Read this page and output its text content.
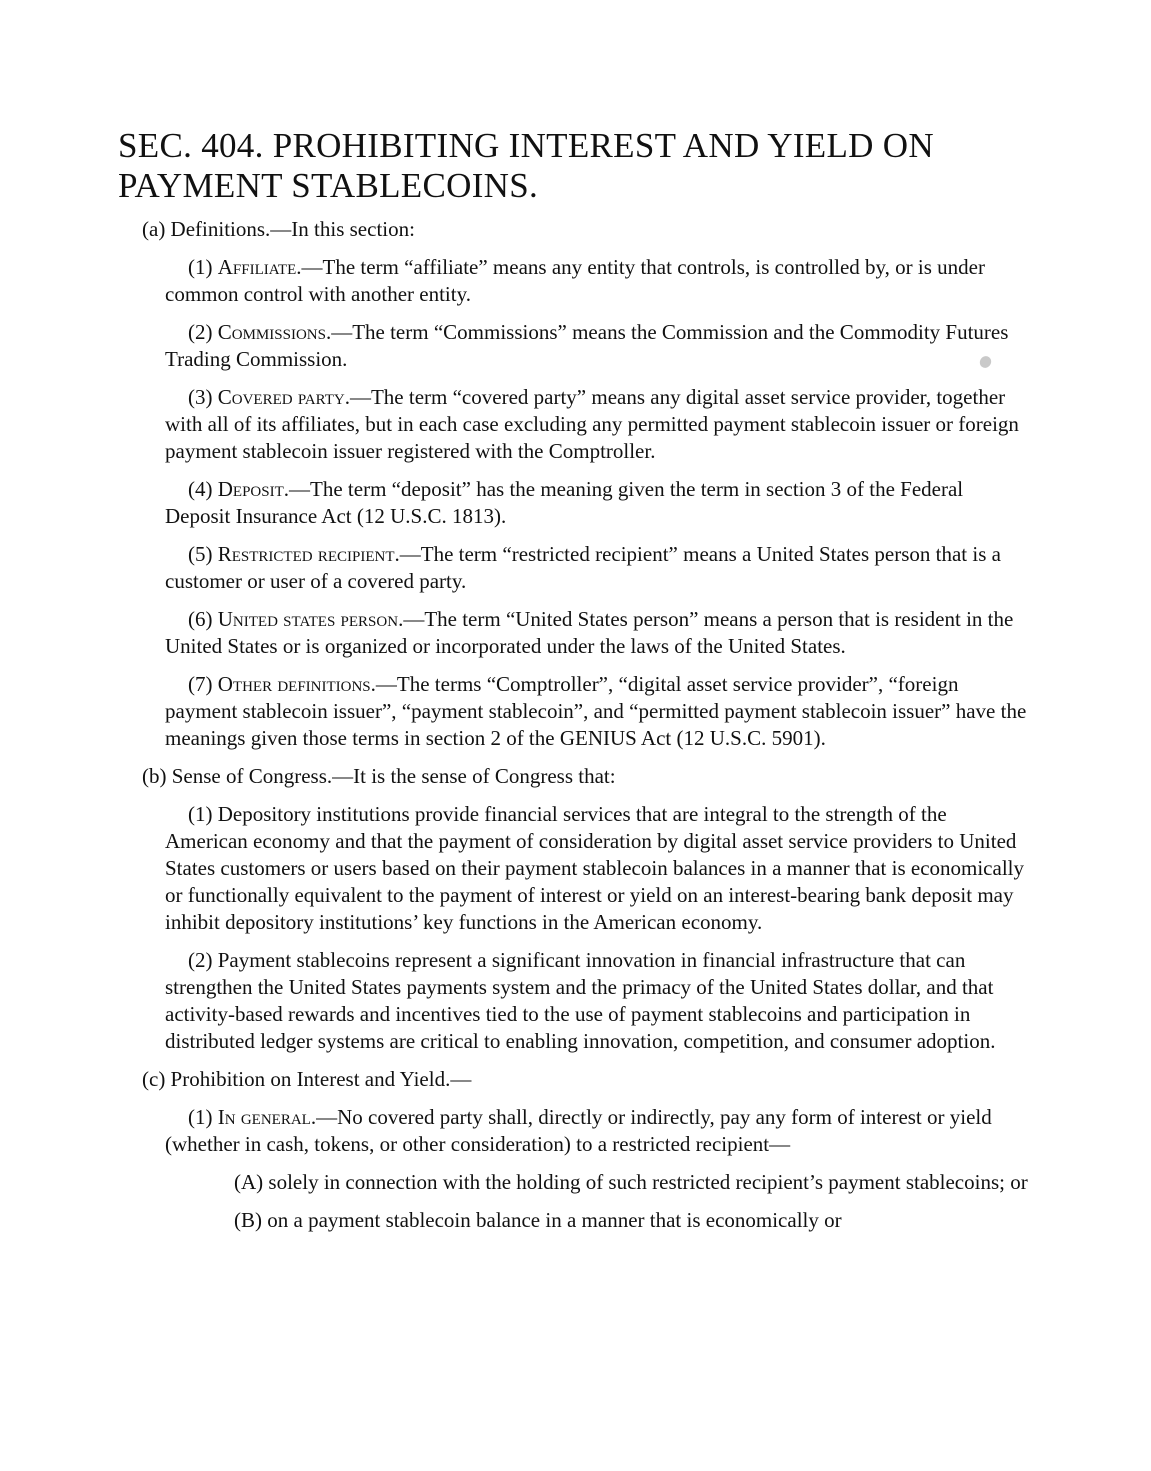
SEC. 404. PROHIBITING INTEREST AND YIELD ON PAYMENT STABLECOINS.

(a) Definitions.—In this section:

(1) Affiliate.—The term “affiliate” means any entity that controls, is controlled by, or is under common control with another entity.

(2) Commissions.—The term “Commissions” means the Commission and the Commodity Futures Trading Commission.

(3) Covered party.—The term “covered party” means any digital asset service provider, together with all of its affiliates, but in each case excluding any permitted payment stablecoin issuer or foreign payment stablecoin issuer registered with the Comptroller.

(4) Deposit.—The term “deposit” has the meaning given the term in section 3 of the Federal Deposit Insurance Act (12 U.S.C. 1813).

(5) Restricted recipient.—The term “restricted recipient” means a United States person that is a customer or user of a covered party.

(6) United states person.—The term “United States person” means a person that is resident in the United States or is organized or incorporated under the laws of the United States.

(7) Other definitions.—The terms “Comptroller”, “digital asset service provider”, “foreign payment stablecoin issuer”, “payment stablecoin”, and “permitted payment stablecoin issuer” have the meanings given those terms in section 2 of the GENIUS Act (12 U.S.C. 5901).

(b) Sense of Congress.—It is the sense of Congress that:

(1) Depository institutions provide financial services that are integral to the strength of the American economy and that the payment of consideration by digital asset service providers to United States customers or users based on their payment stablecoin balances in a manner that is economically or functionally equivalent to the payment of interest or yield on an interest-bearing bank deposit may inhibit depository institutions’ key functions in the American economy.

(2) Payment stablecoins represent a significant innovation in financial infrastructure that can strengthen the United States payments system and the primacy of the United States dollar, and that activity-based rewards and incentives tied to the use of payment stablecoins and participation in distributed ledger systems are critical to enabling innovation, competition, and consumer adoption.

(c) Prohibition on Interest and Yield.—

(1) In general.—No covered party shall, directly or indirectly, pay any form of interest or yield (whether in cash, tokens, or other consideration) to a restricted recipient—

(A) solely in connection with the holding of such restricted recipient’s payment stablecoins; or

(B) on a payment stablecoin balance in a manner that is economically or
